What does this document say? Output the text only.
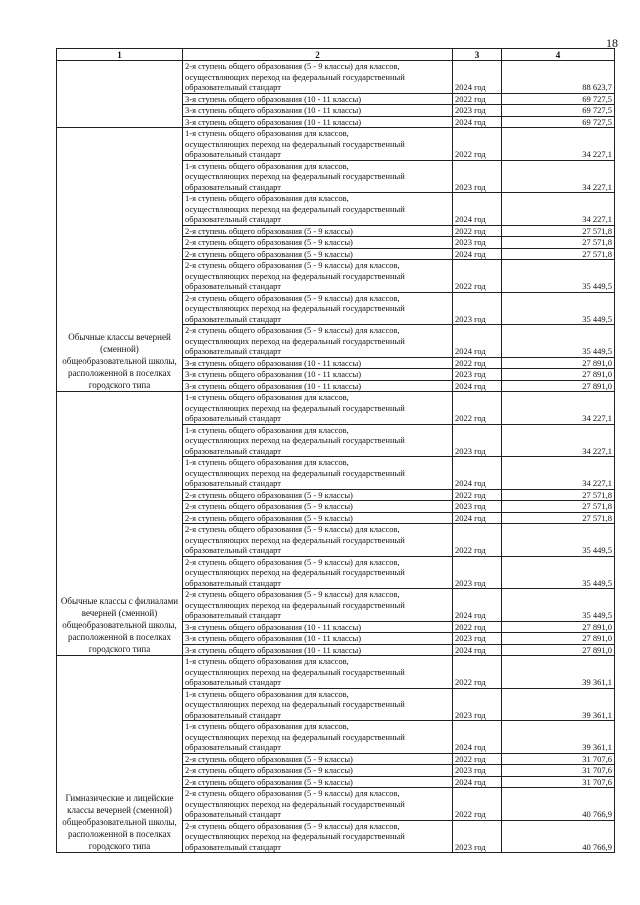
18
1	2	3	4
	2-я ступень общего образования (5 - 9 классы) для классов,
осуществляющих переход на федеральный государственный
образовательный стандарт	2024 год	88 623,7
	3-я ступень общего образования (10 - 11 классы)	2022 год	69 727,5
	3-я ступень общего образования (10 - 11 классы)	2023 год	69 727,5
	3-я ступень общего образования (10 - 11 классы)	2024 год	69 727,5
Обычные классы вечерней (сменной) общеобразовательной школы, расположенной в поселках городского типа	1-я ступень общего образования для классов,
осуществляющих переход на федеральный государственный
образовательный стандарт	2022 год	34 227,1
	1-я ступень общего образования для классов,
осуществляющих переход на федеральный государственный
образовательный стандарт	2023 год	34 227,1
	1-я ступень общего образования для классов,
осуществляющих переход на федеральный государственный
образовательный стандарт	2024 год	34 227,1
	2-я ступень общего образования (5 - 9 классы)	2022 год	27 571,8
	2-я ступень общего образования (5 - 9 классы)	2023 год	27 571,8
	2-я ступень общего образования (5 - 9 классы)	2024 год	27 571,8
	2-я ступень общего образования (5 - 9 классы) для классов,
осуществляющих переход на федеральный государственный
образовательный стандарт	2022 год	35 449,5
	2-я ступень общего образования (5 - 9 классы) для классов,
осуществляющих переход на федеральный государственный
образовательный стандарт	2023 год	35 449,5
	2-я ступень общего образования (5 - 9 классы) для классов,
осуществляющих переход на федеральный государственный
образовательный стандарт	2024 год	35 449,5
	3-я ступень общего образования (10 - 11 классы)	2022 год	27 891,0
	3-я ступень общего образования (10 - 11 классы)	2023 год	27 891,0
	3-я ступень общего образования (10 - 11 классы)	2024 год	27 891,0
Обычные классы с филиалами вечерней (сменной) общеобразовательной школы, расположенной в поселках городского типа	1-я ступень общего образования для классов,
осуществляющих переход на федеральный государственный
образовательный стандарт	2022 год	34 227,1
	1-я ступень общего образования для классов,
осуществляющих переход на федеральный государственный
образовательный стандарт	2023 год	34 227,1
	1-я ступень общего образования для классов,
осуществляющих переход на федеральный государственный
образовательный стандарт	2024 год	34 227,1
	2-я ступень общего образования (5 - 9 классы)	2022 год	27 571,8
	2-я ступень общего образования (5 - 9 классы)	2023 год	27 571,8
	2-я ступень общего образования (5 - 9 классы)	2024 год	27 571,8
	2-я ступень общего образования (5 - 9 классы) для классов,
осуществляющих переход на федеральный государственный
образовательный стандарт	2022 год	35 449,5
	2-я ступень общего образования (5 - 9 классы) для классов,
осуществляющих переход на федеральный государственный
образовательный стандарт	2023 год	35 449,5
	2-я ступень общего образования (5 - 9 классы) для классов,
осуществляющих переход на федеральный государственный
образовательный стандарт	2024 год	35 449,5
	3-я ступень общего образования (10 - 11 классы)	2022 год	27 891,0
	3-я ступень общего образования (10 - 11 классы)	2023 год	27 891,0
	3-я ступень общего образования (10 - 11 классы)	2024 год	27 891,0
Гимназические и лицейские классы вечерней (сменной) общеобразовательной школы, расположенной в поселках городского типа	1-я ступень общего образования для классов,
осуществляющих переход на федеральный государственный
образовательный стандарт	2022 год	39 361,1
	1-я ступень общего образования для классов,
осуществляющих переход на федеральный государственный
образовательный стандарт	2023 год	39 361,1
	1-я ступень общего образования для классов,
осуществляющих переход на федеральный государственный
образовательный стандарт	2024 год	39 361,1
	2-я ступень общего образования (5 - 9 классы)	2022 год	31 707,6
	2-я ступень общего образования (5 - 9 классы)	2023 год	31 707,6
	2-я ступень общего образования (5 - 9 классы)	2024 год	31 707,6
	2-я ступень общего образования (5 - 9 классы) для классов,
осуществляющих переход на федеральный государственный
образовательный стандарт	2022 год	40 766,9
	2-я ступень общего образования (5 - 9 классы) для классов,
осуществляющих переход на федеральный государственный
образовательный стандарт	2023 год	40 766,9
